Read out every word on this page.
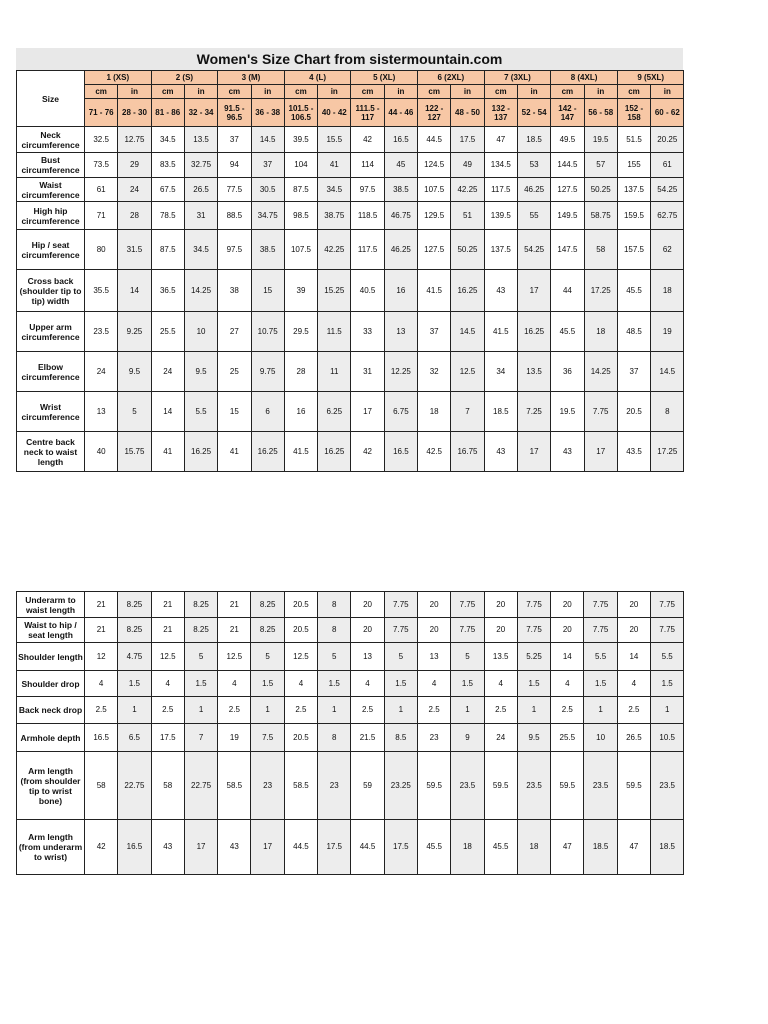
Women's Size Chart from sistermountain.com
Size	1 (XS)		2 (S)		3 (M)		4 (L)		5 (XL)		6 (2XL)		7 (3XL)		8 (4XL)		9 (5XL)	
	cm	in	cm	in	cm	in	cm	in	cm	in	cm	in	cm	in	cm	in	cm	in
	71 - 76	28 - 30	81 - 86	32 - 34	91.5 - 96.5	36 - 38	101.5 - 106.5	40 - 42	111.5 - 117	44 - 46	122 - 127	48 - 50	132 - 137	52 - 54	142 - 147	56 - 58	152 - 158	60 - 62
Neck circumference	32.5	12.75	34.5	13.5	37	14.5	39.5	15.5	42	16.5	44.5	17.5	47	18.5	49.5	19.5	51.5	20.25
Bust circumference	73.5	29	83.5	32.75	94	37	104	41	114	45	124.5	49	134.5	53	144.5	57	155	61
Waist circumference	61	24	67.5	26.5	77.5	30.5	87.5	34.5	97.5	38.5	107.5	42.25	117.5	46.25	127.5	50.25	137.5	54.25
High hip circumference	71	28	78.5	31	88.5	34.75	98.5	38.75	118.5	46.75	129.5	51	139.5	55	149.5	58.75	159.5	62.75
Hip / seat circumference	80	31.5	87.5	34.5	97.5	38.5	107.5	42.25	117.5	46.25	127.5	50.25	137.5	54.25	147.5	58	157.5	62
Cross back (shoulder tip to tip) width	35.5	14	36.5	14.25	38	15	39	15.25	40.5	16	41.5	16.25	43	17	44	17.25	45.5	18
Upper arm circumference	23.5	9.25	25.5	10	27	10.75	29.5	11.5	33	13	37	14.5	41.5	16.25	45.5	18	48.5	19
Elbow circumference	24	9.5	24	9.5	25	9.75	28	11	31	12.25	32	12.5	34	13.5	36	14.25	37	14.5
Wrist circumference	13	5	14	5.5	15	6	16	6.25	17	6.75	18	7	18.5	7.25	19.5	7.75	20.5	8
Centre back neck to waist length	40	15.75	41	16.25	41	16.25	41.5	16.25	42	16.5	42.5	16.75	43	17	43	17	43.5	17.25
Underarm to waist length	21	8.25	21	8.25	21	8.25	20.5	8	20	7.75	20	7.75	20	7.75	20	7.75	20	7.75
Waist to hip / seat length	21	8.25	21	8.25	21	8.25	20.5	8	20	7.75	20	7.75	20	7.75	20	7.75	20	7.75
Shoulder length	12	4.75	12.5	5	12.5	5	12.5	5	13	5	13	5	13.5	5.25	14	5.5	14	5.5
Shoulder drop	4	1.5	4	1.5	4	1.5	4	1.5	4	1.5	4	1.5	4	1.5	4	1.5	4	1.5
Back neck drop	2.5	1	2.5	1	2.5	1	2.5	1	2.5	1	2.5	1	2.5	1	2.5	1	2.5	1
Armhole depth	16.5	6.5	17.5	7	19	7.5	20.5	8	21.5	8.5	23	9	24	9.5	25.5	10	26.5	10.5
Arm length (from shoulder tip to wrist bone)	58	22.75	58	22.75	58.5	23	58.5	23	59	23.25	59.5	23.5	59.5	23.5	59.5	23.5	59.5	23.5
Arm length (from underarm to wrist)	42	16.5	43	17	43	17	44.5	17.5	44.5	17.5	45.5	18	45.5	18	47	18.5	47	18.5
